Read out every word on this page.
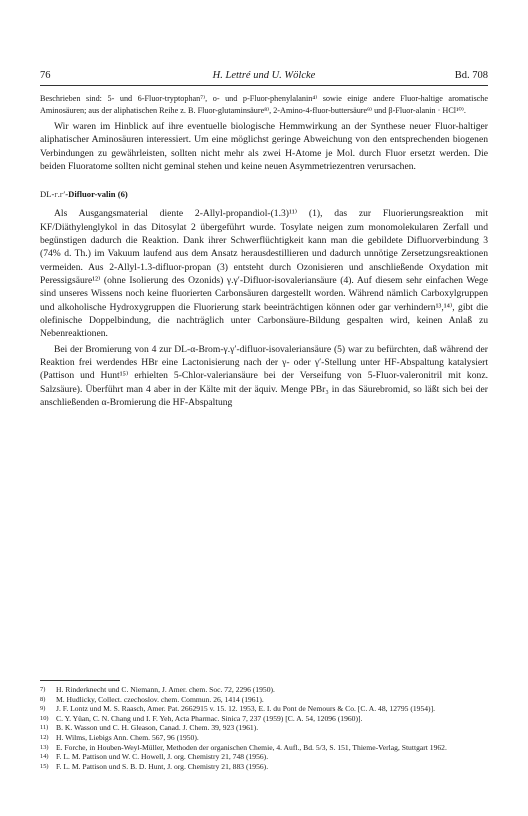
76	H. Lettré und U. Wölcke	Bd. 708

Beschrieben sind: 5- und 6-Fluor-tryptophan⁷⁾, o- und p-Fluor-phenylalanin⁴⁾ sowie einige andere Fluor-haltige aromatische Aminosäuren; aus der aliphatischen Reihe z. B. Fluor-glutaminsäure⁸⁾, 2-Amino-4-fluor-buttersäure⁹⁾ und β-Fluor-alanin · HCl¹⁰⁾.

Wir waren im Hinblick auf ihre eventuelle biologische Hemmwirkung an der Synthese neuer Fluor-haltiger aliphatischer Aminosäuren interessiert. Um eine möglichst geringe Abweichung von den entsprechenden biogenen Verbindungen zu gewährleisten, sollten nicht mehr als zwei H-Atome je Mol. durch Fluor ersetzt werden. Die beiden Fluoratome sollten nicht geminal stehen und keine neuen Asymmetriezentren verursachen.

DL-γ.γ′-Difluor-valin (6)

Als Ausgangsmaterial diente 2-Allyl-propandiol-(1.3)¹¹⁾ (1), das zur Fluorierungsreaktion mit KF/Diäthylenglykol in das Ditosylat 2 übergeführt wurde. Tosylate neigen zum monomolekularen Zerfall und begünstigen dadurch die Reaktion. Dank ihrer Schwerflüchtigkeit kann man die gebildete Difluorverbindung 3 (74% d. Th.) im Vakuum laufend aus dem Ansatz herausdestillieren und dadurch unnötige Zersetzungsreaktionen vermeiden. Aus 2-Allyl-1.3-difluor-propan (3) entsteht durch Ozonisieren und anschließende Oxydation mit Peressigsäure¹²⁾ (ohne Isolierung des Ozonids) γ.γ′-Difluor-isovaleriansäure (4). Auf diesem sehr einfachen Wege sind unseres Wissens noch keine fluorierten Carbonsäuren dargestellt worden. Während nämlich Carboxylgruppen und alkoholische Hydroxygruppen die Fluorierung stark beeinträchtigen können oder gar verhindern¹³,¹⁴⁾, gibt die olefinische Doppelbindung, die nachträglich unter Carbonsäure-Bildung gespalten wird, keinen Anlaß zu Nebenreaktionen.

Bei der Bromierung von 4 zur DL-α-Brom-γ.γ′-difluor-isovaleriansäure (5) war zu befürchten, daß während der Reaktion frei werdendes HBr eine Lactonisierung nach der γ- oder γ′-Stellung unter HF-Abspaltung katalysiert (Pattison und Hunt¹⁵⁾ erhielten 5-Chlor-valeriansäure bei der Verseifung von 5-Fluor-valeronitril mit konz. Salzsäure). Überführt man 4 aber in der Kälte mit der äquiv. Menge PBr₃ in das Säurebromid, so läßt sich bei der anschließenden α-Bromierung die HF-Abspaltung

7) H. Rinderknecht und C. Niemann, J. Amer. chem. Soc. 72, 2296 (1950).
8) M. Hudlicky, Collect. czechoslov. chem. Commun. 26, 1414 (1961).
9) J. F. Lontz und M. S. Raasch, Amer. Pat. 2662915 v. 15. 12. 1953, E. I. du Pont de Nemours & Co. [C. A. 48, 12795 (1954)].
10) C. Y. Yüan, C. N. Chang und I. F. Yeh, Acta Pharmac. Sinica 7, 237 (1959) [C. A. 54, 12096 (1960)].
11) B. K. Wasson und C. H. Gleason, Canad. J. Chem. 39, 923 (1961).
12) H. Wilms, Liebigs Ann. Chem. 567, 96 (1950).
13) E. Forche, in Houben-Weyl-Müller, Methoden der organischen Chemie, 4. Aufl., Bd. 5/3, S. 151, Thieme-Verlag, Stuttgart 1962.
14) F. L. M. Pattison und W. C. Howell, J. org. Chemistry 21, 748 (1956).
15) F. L. M. Pattison und S. B. D. Hunt, J. org. Chemistry 21, 883 (1956).
